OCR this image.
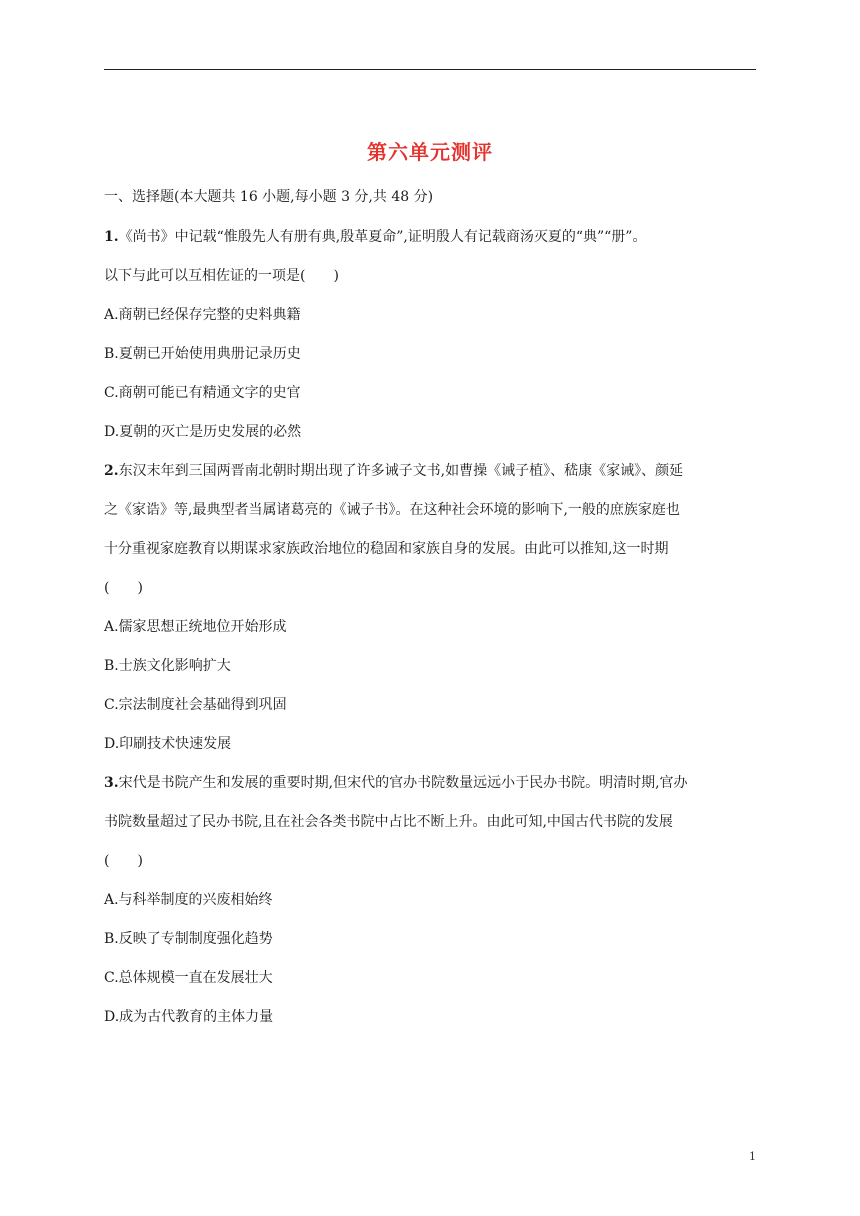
第六单元测评
一、选择题(本大题共 16 小题,每小题 3 分,共 48 分)
1.《尚书》中记载“惟殷先人有册有典,殷革夏命”,证明殷人有记载商汤灭夏的“典”“册”。
以下与此可以互相佐证的一项是(　　)
A.商朝已经保存完整的史料典籍
B.夏朝已开始使用典册记录历史
C.商朝可能已有精通文字的史官
D.夏朝的灭亡是历史发展的必然
2.东汉末年到三国两晋南北朝时期出现了许多诫子文书,如曹操《诫子植》、嵇康《家诫》、颜延
之《家诰》等,最典型者当属诸葛亮的《诫子书》。在这种社会环境的影响下,一般的庶族家庭也
十分重视家庭教育以期谋求家族政治地位的稳固和家族自身的发展。由此可以推知,这一时期
(　　)
A.儒家思想正统地位开始形成
B.士族文化影响扩大
C.宗法制度社会基础得到巩固
D.印刷技术快速发展
3.宋代是书院产生和发展的重要时期,但宋代的官办书院数量远远小于民办书院。明清时期,官办
书院数量超过了民办书院,且在社会各类书院中占比不断上升。由此可知,中国古代书院的发展
(　　)
A.与科举制度的兴废相始终
B.反映了专制制度强化趋势
C.总体规模一直在发展壮大
D.成为古代教育的主体力量
1
